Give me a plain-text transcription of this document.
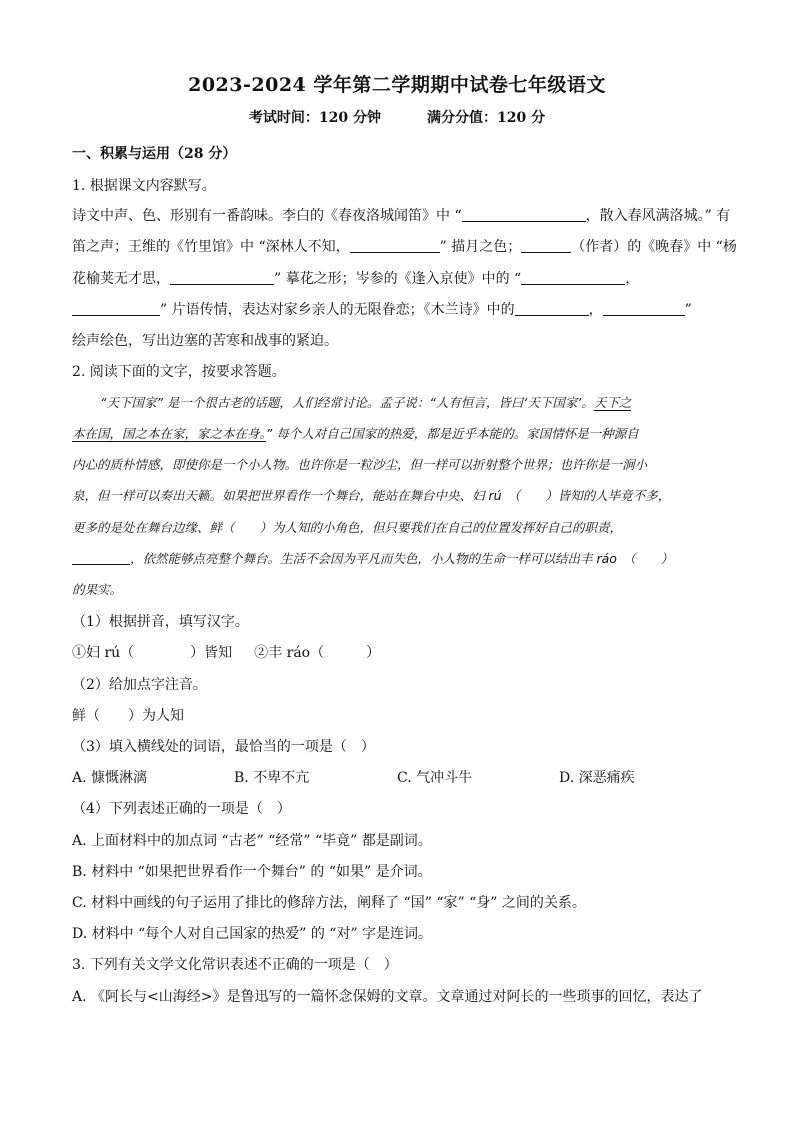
2023-2024 学年第二学期期中试卷七年级语文
考试时间：120 分钟	满分分值：120 分
一、积累与运用（28 分）
1. 根据课文内容默写。
诗文中声、色、形别有一番韵味。李白的《春夜洛城闻笛》中 “	，散入春风满洛城。” 有
笛之声；王维的《竹里馆》中 “深林人不知，	” 描月之色；	（作者）的《晚春》中 “杨
花榆荚无才思，	” 摹花之形；岑参的《逢入京使》中的 “	，
” 片语传情，表达对家乡亲人的无限眷恋；《木兰诗》中的	，	”
绘声绘色，写出边塞的苦寒和战事的紧迫。
2. 阅读下面的文字，按要求答题。
“天下国家” 是一个很古老的话题，人们经常讨论。孟子说：“人有恒言，皆曰‘天下国家’。天下之
本在国，国之本在家，家之本在身。” 每个人对自己国家的热爱，都是近乎本能的。家国情怀是一种源自
内心的质朴情感，即使你是一个小人物。也许你是一粒沙尘，但一样可以折射整个世界；也许你是一涧小
泉，但一样可以奏出天籁。如果把世界看作一个舞台，能站在舞台中央、妇 rú　（　　）皆知的人毕竟不多，
更多的是处在舞台边缘、鲜（　　）为人知的小角色，但只要我们在自己的位置发挥好自己的职责，
，依然能够点亮整个舞台。生活不会因为平凡而失色，小人物的生命一样可以结出丰 ráo　（　　）
的果实。
（1）根据拼音，填写汉字。
①妇 rú（　　　　）皆知 ②丰 ráo（　　　）
（2）给加点字注音。
鲜（　　）为人知
（3）填入横线处的词语，最恰当的一项是（　）
A. 慷慨淋漓	B. 不卑不亢	C. 气冲斗牛	D. 深恶痛疾
（4）下列表述正确的一项是（　）
A. 上面材料中的加点词 “古老” “经常” “毕竟” 都是副词。
B. 材料中 “如果把世界看作一个舞台” 的 “如果” 是介词。
C. 材料中画线的句子运用了排比的修辞方法，阐释了 “国” “家” “身” 之间的关系。
D. 材料中 “每个人对自己国家的热爱” 的 “对” 字是连词。
3. 下列有关文学文化常识表述不正确的一项是（　）
A. 《阿长与<山海经>》是鲁迅写的一篇怀念保姆的文章。文章通过对阿长的一些琐事的回忆，表达了
